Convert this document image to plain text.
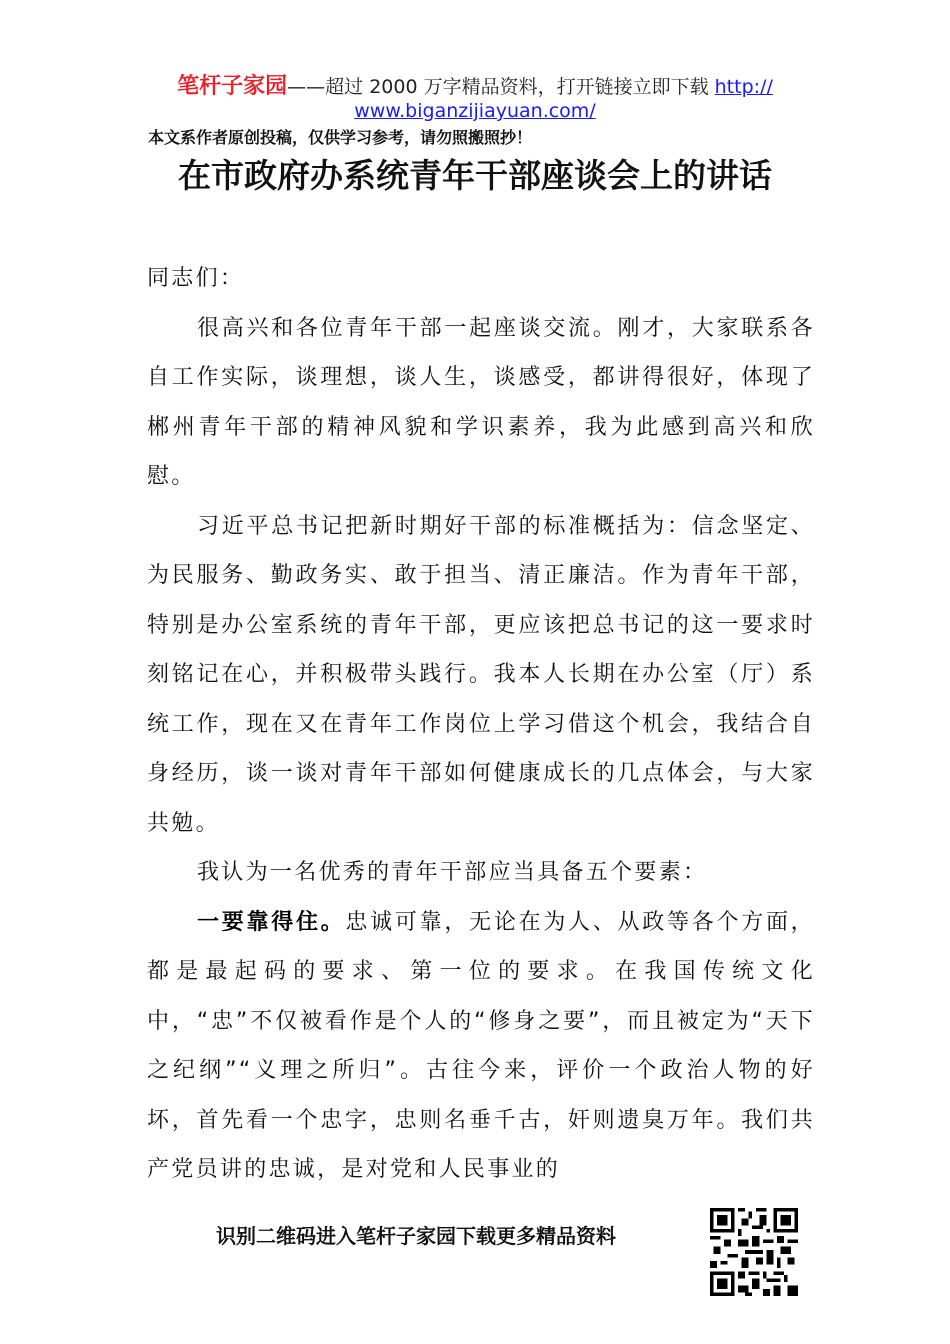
笔杆子家园——超过 2000 万字精品资料，打开链接立即下载 http://
www.biganzijiayuan.com/
本文系作者原创投稿，仅供学习参考，请勿照搬照抄！
在市政府办系统青年干部座谈会上的讲话

同志们：

很高兴和各位青年干部一起座谈交流。刚才，大家联系各自工作实际，谈理想，谈人生，谈感受，都讲得很好，体现了郴州青年干部的精神风貌和学识素养，我为此感到高兴和欣慰。

习近平总书记把新时期好干部的标准概括为：信念坚定、为民服务、勤政务实、敢于担当、清正廉洁。作为青年干部，特别是办公室系统的青年干部，更应该把总书记的这一要求时刻铭记在心，并积极带头践行。我本人长期在办公室（厅）系统工作，现在又在青年工作岗位上学习借这个机会，我结合自身经历，谈一谈对青年干部如何健康成长的几点体会，与大家共勉。

我认为一名优秀的青年干部应当具备五个要素：

一要靠得住。忠诚可靠，无论在为人、从政等各个方面，都是最起码的要求、第一位的要求。在我国传统文化中，“忠”不仅被看作是个人的“修身之要”，而且被定为“天下之纪纲”“义理之所归”。古往今来，评价一个政治人物的好坏，首先看一个忠字，忠则名垂千古，奸则遗臭万年。我们共产党员讲的忠诚，是对党和人民事业的

识别二维码进入笔杆子家园下载更多精品资料
